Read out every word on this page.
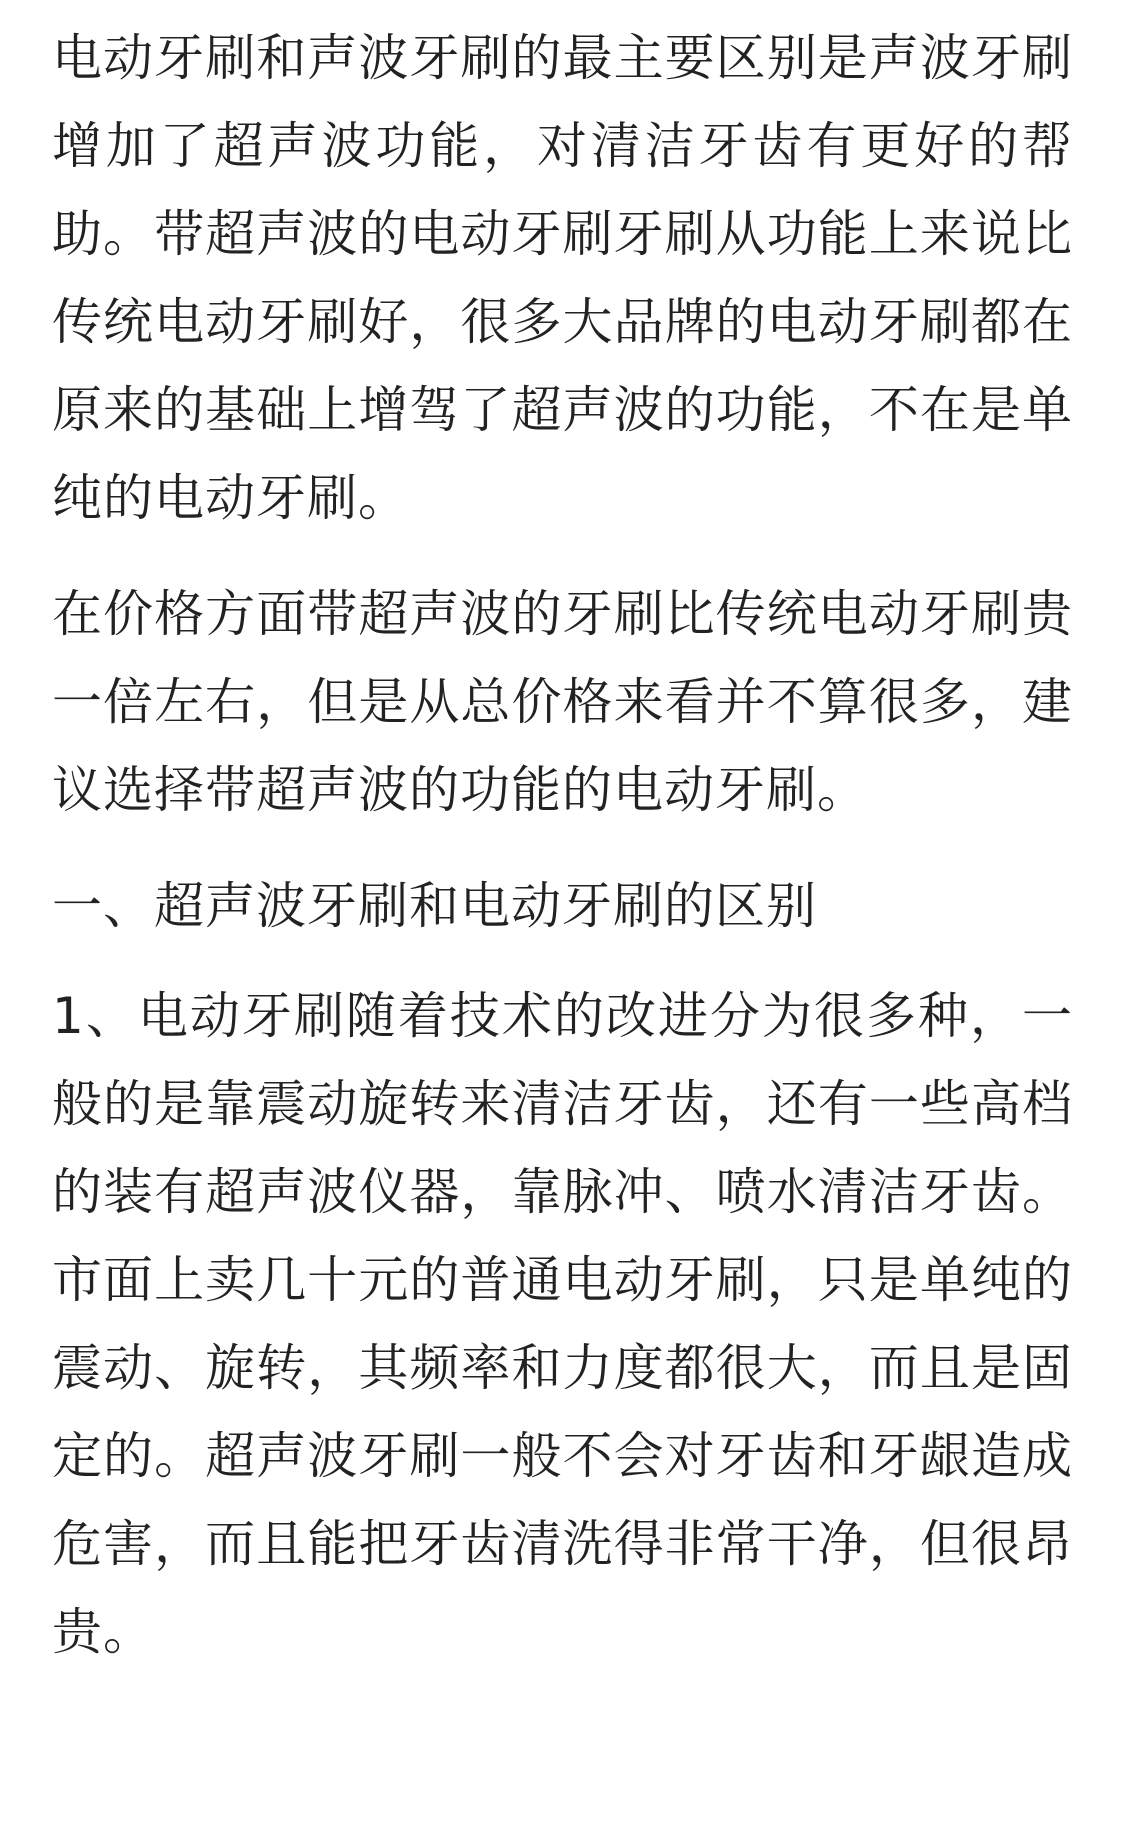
电动牙刷和声波牙刷的最主要区别是声波牙刷增加了超声波功能，对清洁牙齿有更好的帮助。带超声波的电动牙刷牙刷从功能上来说比传统电动牙刷好，很多大品牌的电动牙刷都在原来的基础上增驾了超声波的功能，不在是单纯的电动牙刷。

在价格方面带超声波的牙刷比传统电动牙刷贵一倍左右，但是从总价格来看并不算很多，建议选择带超声波的功能的电动牙刷。

一、超声波牙刷和电动牙刷的区别

1、电动牙刷随着技术的改进分为很多种，一般的是靠震动旋转来清洁牙齿，还有一些高档的装有超声波仪器，靠脉冲、喷水清洁牙齿。市面上卖几十元的普通电动牙刷，只是单纯的震动、旋转，其频率和力度都很大，而且是固定的。超声波牙刷一般不会对牙齿和牙龈造成危害，而且能把牙齿清洗得非常干净，但很昂贵。
